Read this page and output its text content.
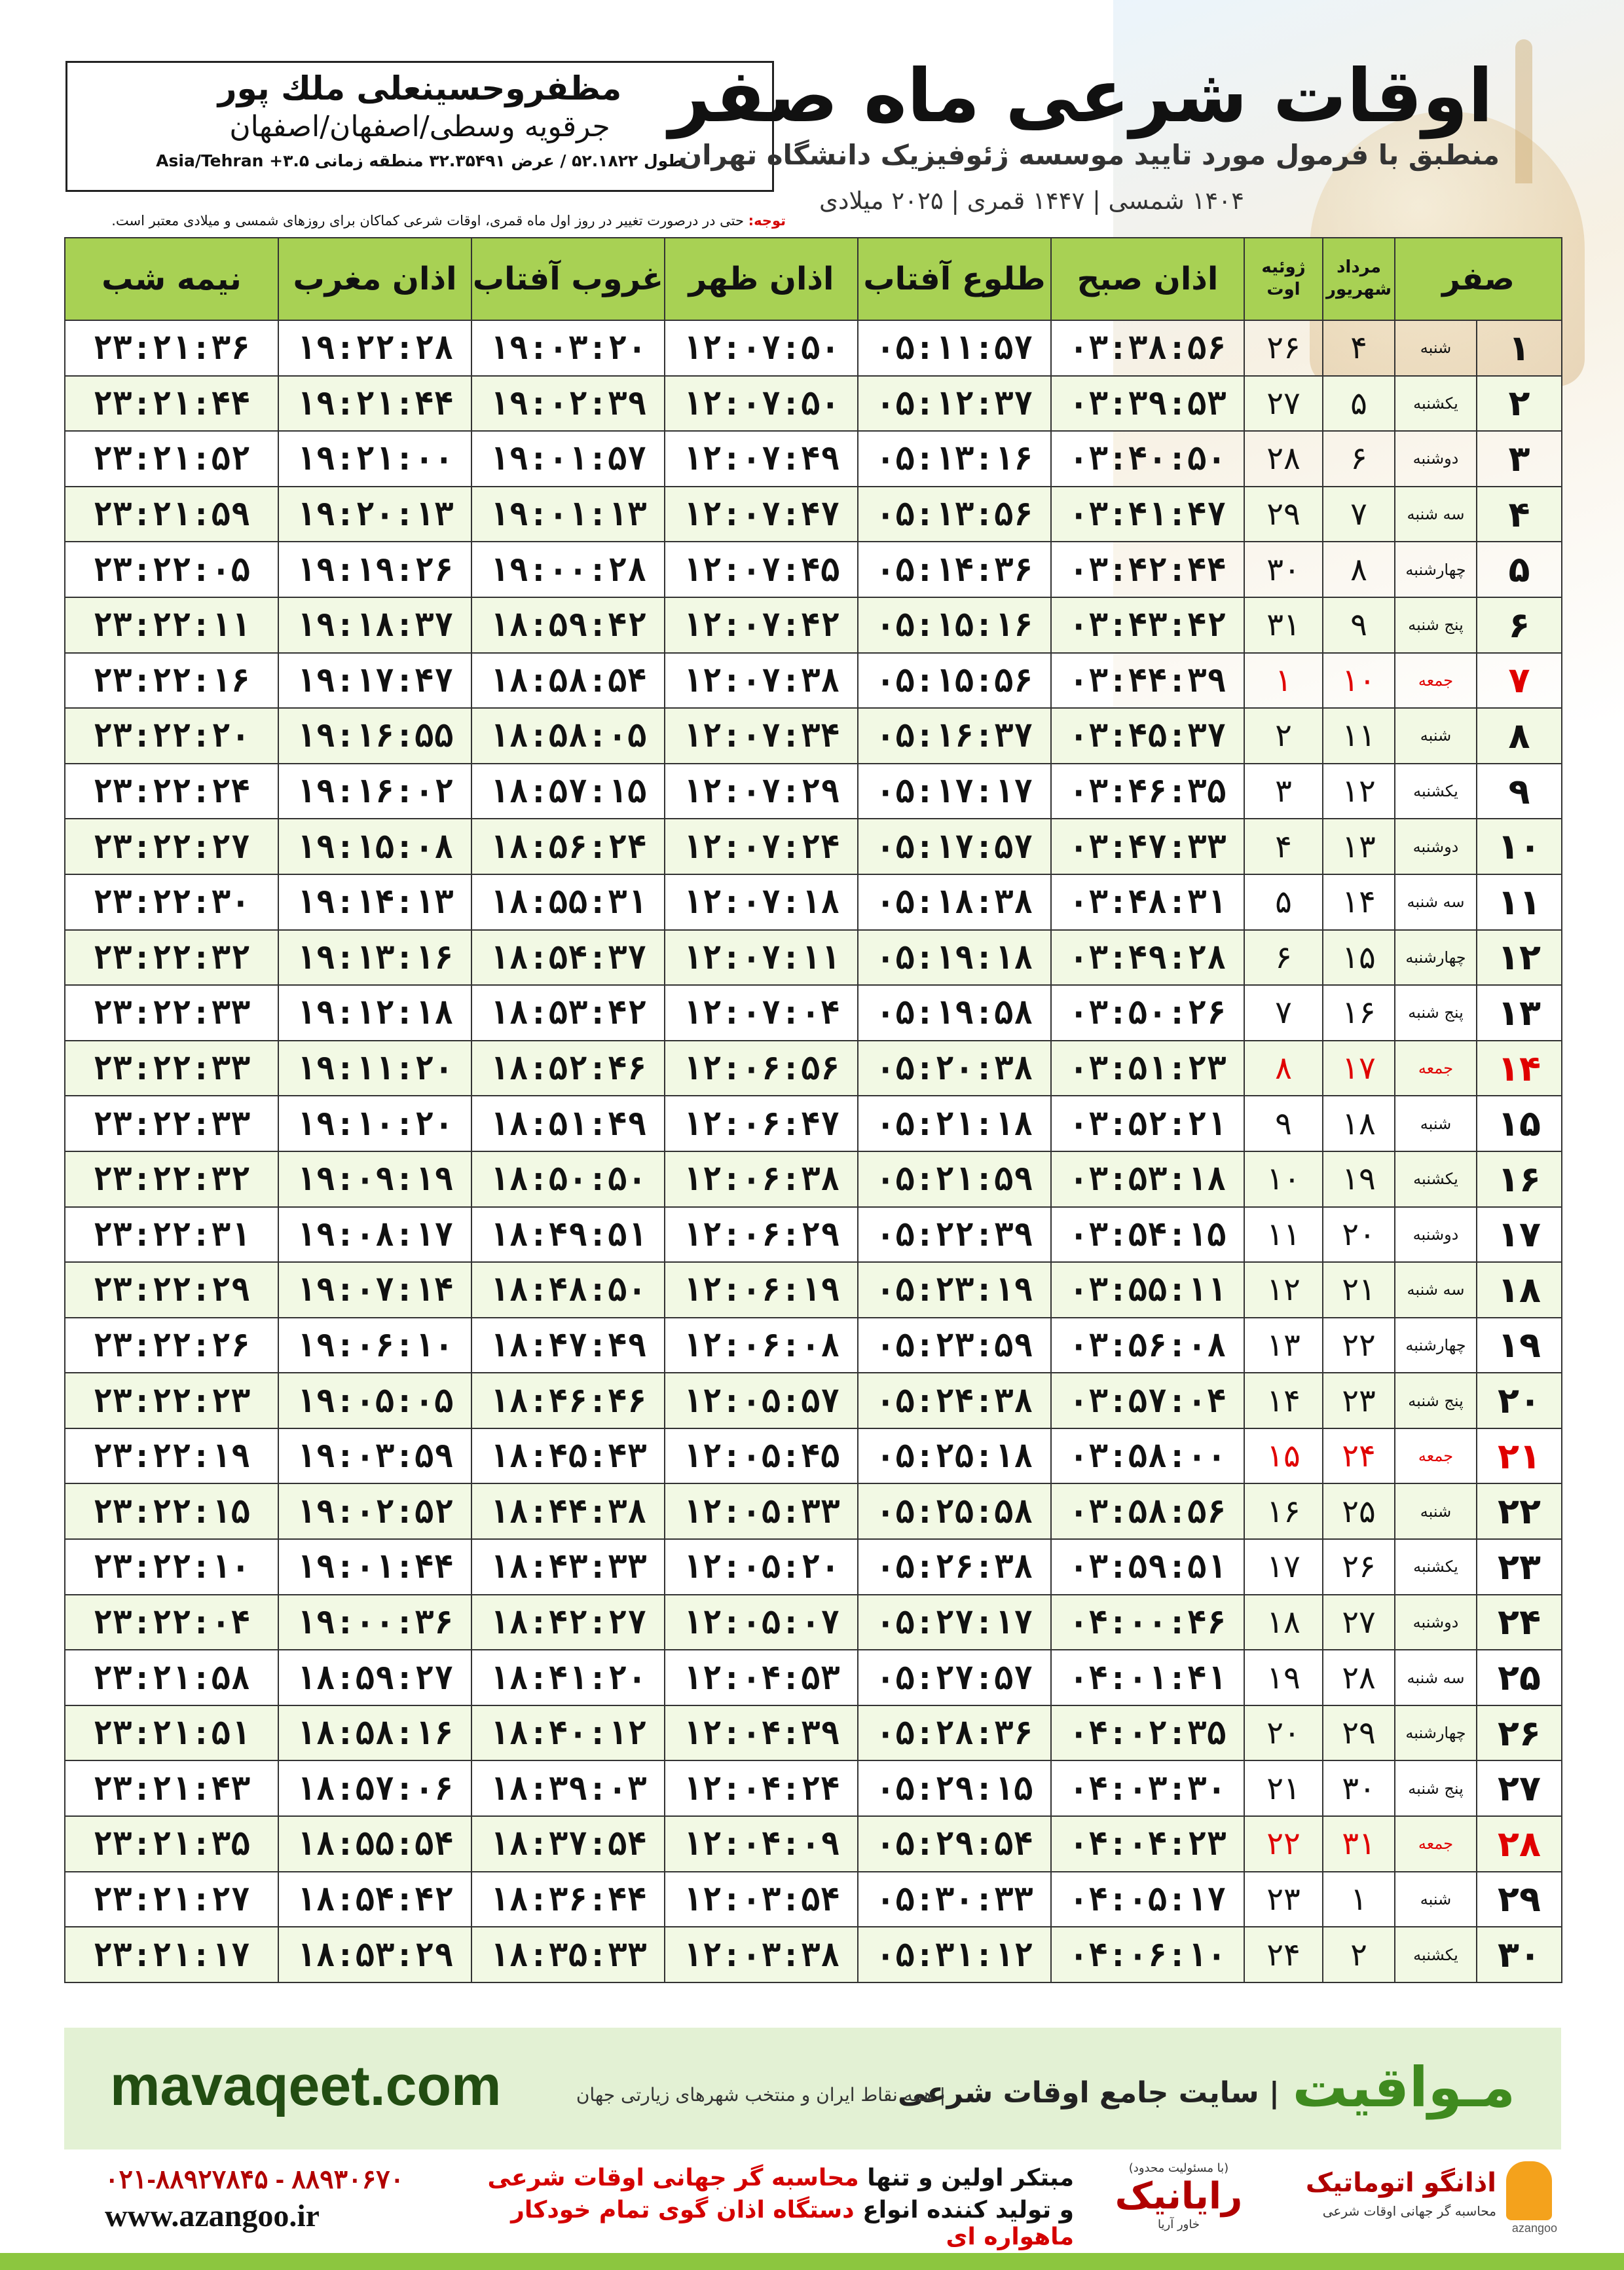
مظفروحسینعلی ملك پور
جرقویه وسطی/اصفهان/اصفهان
طول ۵۲.۱۸۲۲ / عرض ۳۲.۳۵۴۹۱ منطقه زمانی Asia/Tehran +۳.۵
اوقات شرعی ماه صفر
منطبق با فرمول مورد تایید موسسه ژئوفیزیک دانشگاه تهران
۱۴۰۴ شمسی | ۱۴۴۷ قمری | ۲۰۲۵ میلادی
توجه: حتی در درصورت تغییر در روز اول ماه قمری، اوقات شرعی کماکان برای روزهای شمسی و میلادی معتبر است.
صفر		مرداد شهریور	ژوئیه اوت	اذان صبح	طلوع آفتاب	اذان ظهر	غروب آفتاب	اذان مغرب	نیمه شب
۱	شنبه	۴	۲۶	۰۳:۳۸:۵۶	۰۵:۱۱:۵۷	۱۲:۰۷:۵۰	۱۹:۰۳:۲۰	۱۹:۲۲:۲۸	۲۳:۲۱:۳۶
۲	یکشنبه	۵	۲۷	۰۳:۳۹:۵۳	۰۵:۱۲:۳۷	۱۲:۰۷:۵۰	۱۹:۰۲:۳۹	۱۹:۲۱:۴۴	۲۳:۲۱:۴۴
۳	دوشنبه	۶	۲۸	۰۳:۴۰:۵۰	۰۵:۱۳:۱۶	۱۲:۰۷:۴۹	۱۹:۰۱:۵۷	۱۹:۲۱:۰۰	۲۳:۲۱:۵۲
۴	سه شنبه	۷	۲۹	۰۳:۴۱:۴۷	۰۵:۱۳:۵۶	۱۲:۰۷:۴۷	۱۹:۰۱:۱۳	۱۹:۲۰:۱۳	۲۳:۲۱:۵۹
۵	چهارشنبه	۸	۳۰	۰۳:۴۲:۴۴	۰۵:۱۴:۳۶	۱۲:۰۷:۴۵	۱۹:۰۰:۲۸	۱۹:۱۹:۲۶	۲۳:۲۲:۰۵
۶	پنج شنبه	۹	۳۱	۰۳:۴۳:۴۲	۰۵:۱۵:۱۶	۱۲:۰۷:۴۲	۱۸:۵۹:۴۲	۱۹:۱۸:۳۷	۲۳:۲۲:۱۱
۷	جمعه	۱۰	۱	۰۳:۴۴:۳۹	۰۵:۱۵:۵۶	۱۲:۰۷:۳۸	۱۸:۵۸:۵۴	۱۹:۱۷:۴۷	۲۳:۲۲:۱۶
۸	شنبه	۱۱	۲	۰۳:۴۵:۳۷	۰۵:۱۶:۳۷	۱۲:۰۷:۳۴	۱۸:۵۸:۰۵	۱۹:۱۶:۵۵	۲۳:۲۲:۲۰
۹	یکشنبه	۱۲	۳	۰۳:۴۶:۳۵	۰۵:۱۷:۱۷	۱۲:۰۷:۲۹	۱۸:۵۷:۱۵	۱۹:۱۶:۰۲	۲۳:۲۲:۲۴
۱۰	دوشنبه	۱۳	۴	۰۳:۴۷:۳۳	۰۵:۱۷:۵۷	۱۲:۰۷:۲۴	۱۸:۵۶:۲۴	۱۹:۱۵:۰۸	۲۳:۲۲:۲۷
۱۱	سه شنبه	۱۴	۵	۰۳:۴۸:۳۱	۰۵:۱۸:۳۸	۱۲:۰۷:۱۸	۱۸:۵۵:۳۱	۱۹:۱۴:۱۳	۲۳:۲۲:۳۰
۱۲	چهارشنبه	۱۵	۶	۰۳:۴۹:۲۸	۰۵:۱۹:۱۸	۱۲:۰۷:۱۱	۱۸:۵۴:۳۷	۱۹:۱۳:۱۶	۲۳:۲۲:۳۲
۱۳	پنج شنبه	۱۶	۷	۰۳:۵۰:۲۶	۰۵:۱۹:۵۸	۱۲:۰۷:۰۴	۱۸:۵۳:۴۲	۱۹:۱۲:۱۸	۲۳:۲۲:۳۳
۱۴	جمعه	۱۷	۸	۰۳:۵۱:۲۳	۰۵:۲۰:۳۸	۱۲:۰۶:۵۶	۱۸:۵۲:۴۶	۱۹:۱۱:۲۰	۲۳:۲۲:۳۳
۱۵	شنبه	۱۸	۹	۰۳:۵۲:۲۱	۰۵:۲۱:۱۸	۱۲:۰۶:۴۷	۱۸:۵۱:۴۹	۱۹:۱۰:۲۰	۲۳:۲۲:۳۳
۱۶	یکشنبه	۱۹	۱۰	۰۳:۵۳:۱۸	۰۵:۲۱:۵۹	۱۲:۰۶:۳۸	۱۸:۵۰:۵۰	۱۹:۰۹:۱۹	۲۳:۲۲:۳۲
۱۷	دوشنبه	۲۰	۱۱	۰۳:۵۴:۱۵	۰۵:۲۲:۳۹	۱۲:۰۶:۲۹	۱۸:۴۹:۵۱	۱۹:۰۸:۱۷	۲۳:۲۲:۳۱
۱۸	سه شنبه	۲۱	۱۲	۰۳:۵۵:۱۱	۰۵:۲۳:۱۹	۱۲:۰۶:۱۹	۱۸:۴۸:۵۰	۱۹:۰۷:۱۴	۲۳:۲۲:۲۹
۱۹	چهارشنبه	۲۲	۱۳	۰۳:۵۶:۰۸	۰۵:۲۳:۵۹	۱۲:۰۶:۰۸	۱۸:۴۷:۴۹	۱۹:۰۶:۱۰	۲۳:۲۲:۲۶
۲۰	پنج شنبه	۲۳	۱۴	۰۳:۵۷:۰۴	۰۵:۲۴:۳۸	۱۲:۰۵:۵۷	۱۸:۴۶:۴۶	۱۹:۰۵:۰۵	۲۳:۲۲:۲۳
۲۱	جمعه	۲۴	۱۵	۰۳:۵۸:۰۰	۰۵:۲۵:۱۸	۱۲:۰۵:۴۵	۱۸:۴۵:۴۳	۱۹:۰۳:۵۹	۲۳:۲۲:۱۹
۲۲	شنبه	۲۵	۱۶	۰۳:۵۸:۵۶	۰۵:۲۵:۵۸	۱۲:۰۵:۳۳	۱۸:۴۴:۳۸	۱۹:۰۲:۵۲	۲۳:۲۲:۱۵
۲۳	یکشنبه	۲۶	۱۷	۰۳:۵۹:۵۱	۰۵:۲۶:۳۸	۱۲:۰۵:۲۰	۱۸:۴۳:۳۳	۱۹:۰۱:۴۴	۲۳:۲۲:۱۰
۲۴	دوشنبه	۲۷	۱۸	۰۴:۰۰:۴۶	۰۵:۲۷:۱۷	۱۲:۰۵:۰۷	۱۸:۴۲:۲۷	۱۹:۰۰:۳۶	۲۳:۲۲:۰۴
۲۵	سه شنبه	۲۸	۱۹	۰۴:۰۱:۴۱	۰۵:۲۷:۵۷	۱۲:۰۴:۵۳	۱۸:۴۱:۲۰	۱۸:۵۹:۲۷	۲۳:۲۱:۵۸
۲۶	چهارشنبه	۲۹	۲۰	۰۴:۰۲:۳۵	۰۵:۲۸:۳۶	۱۲:۰۴:۳۹	۱۸:۴۰:۱۲	۱۸:۵۸:۱۶	۲۳:۲۱:۵۱
۲۷	پنج شنبه	۳۰	۲۱	۰۴:۰۳:۳۰	۰۵:۲۹:۱۵	۱۲:۰۴:۲۴	۱۸:۳۹:۰۳	۱۸:۵۷:۰۶	۲۳:۲۱:۴۳
۲۸	جمعه	۳۱	۲۲	۰۴:۰۴:۲۳	۰۵:۲۹:۵۴	۱۲:۰۴:۰۹	۱۸:۳۷:۵۴	۱۸:۵۵:۵۴	۲۳:۲۱:۳۵
۲۹	شنبه	۱	۲۳	۰۴:۰۵:۱۷	۰۵:۳۰:۳۳	۱۲:۰۳:۵۴	۱۸:۳۶:۴۴	۱۸:۵۴:۴۲	۲۳:۲۱:۲۷
۳۰	یکشنبه	۲	۲۴	۰۴:۰۶:۱۰	۰۵:۳۱:۱۲	۱۲:۰۳:۳۸	۱۸:۳۵:۳۳	۱۸:۵۳:۲۹	۲۳:۲۱:۱۷
مـواقیت
| سایت جامع اوقات شرعی
| همه نقاط ایران و منتخب شهرهای زیارتی جهان
mavaqeet.com
۰۲۱-۸۸۹۲۷۸۴۵ - ۸۸۹۳۰۶۷۰
www.azangoo.ir
مبتکر اولین و تنها محاسبه گر جهانی اوقات شرعی
و تولید کننده انواع دستگاه اذان گوی تمام خودکار ماهواره ای
(با مسئولیت محدود)
رایانیک
خاور آریا
اذانگو اتوماتیک
محاسبه گر جهانی اوقات شرعی
azangoo
